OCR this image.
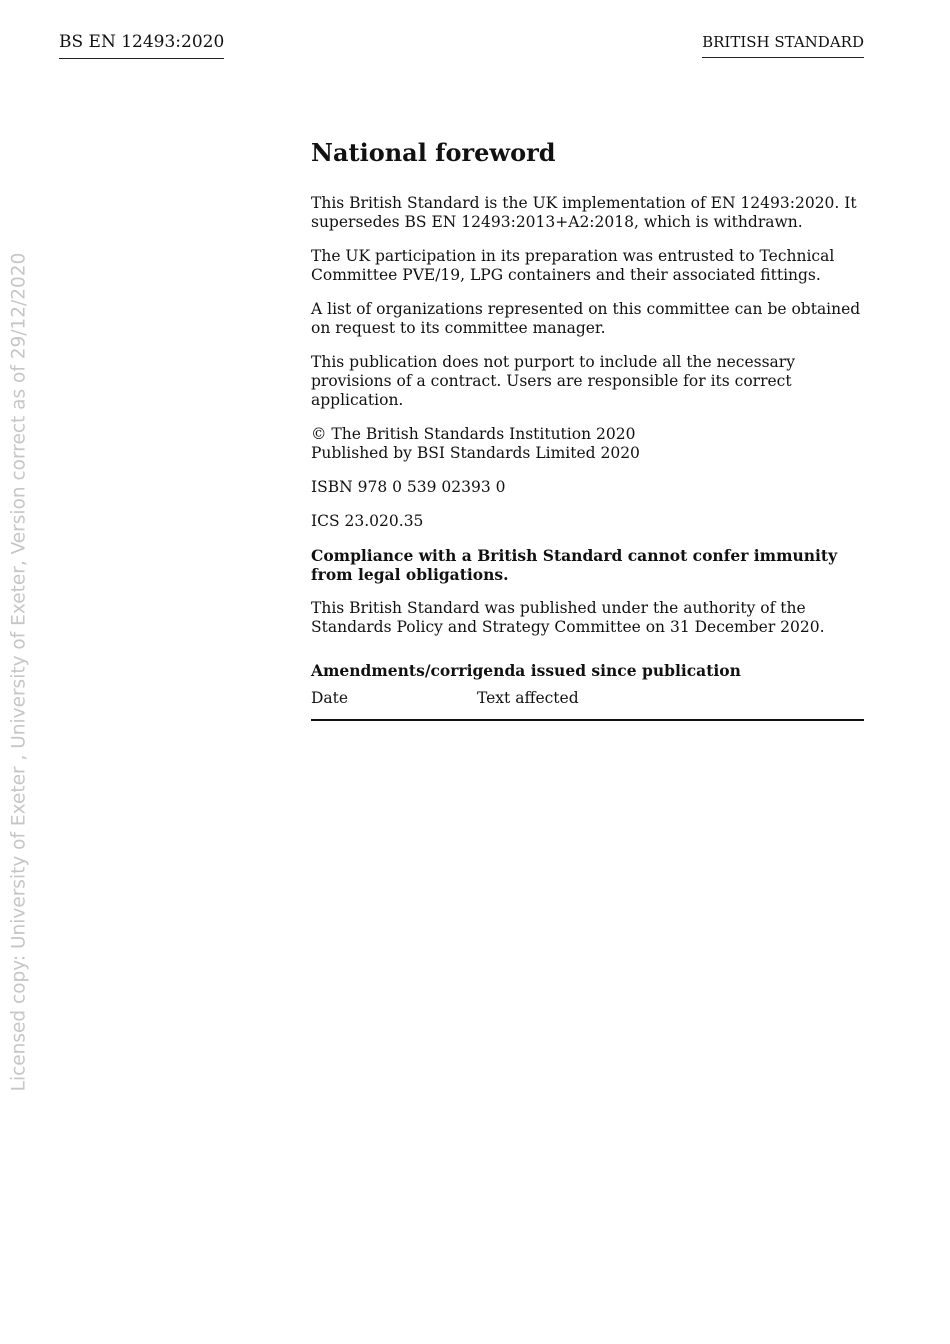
BS EN 12493:2020	BRITISH STANDARD
Licensed copy: University of Exeter , University of Exeter, Version correct as of 29/12/2020
National foreword

This British Standard is the UK implementation of EN 12493:2020. It supersedes BS EN 12493:2013+A2:2018, which is withdrawn.

The UK participation in its preparation was entrusted to Technical Committee PVE/19, LPG containers and their associated fittings.

A list of organizations represented on this committee can be obtained on request to its committee manager.

This publication does not purport to include all the necessary provisions of a contract. Users are responsible for its correct application.

© The British Standards Institution 2020
Published by BSI Standards Limited 2020

ISBN 978 0 539 02393 0

ICS 23.020.35

Compliance with a British Standard cannot confer immunity from legal obligations.

This British Standard was published under the authority of the Standards Policy and Strategy Committee on 31 December 2020.

Amendments/corrigenda issued since publication
Date	Text affected
